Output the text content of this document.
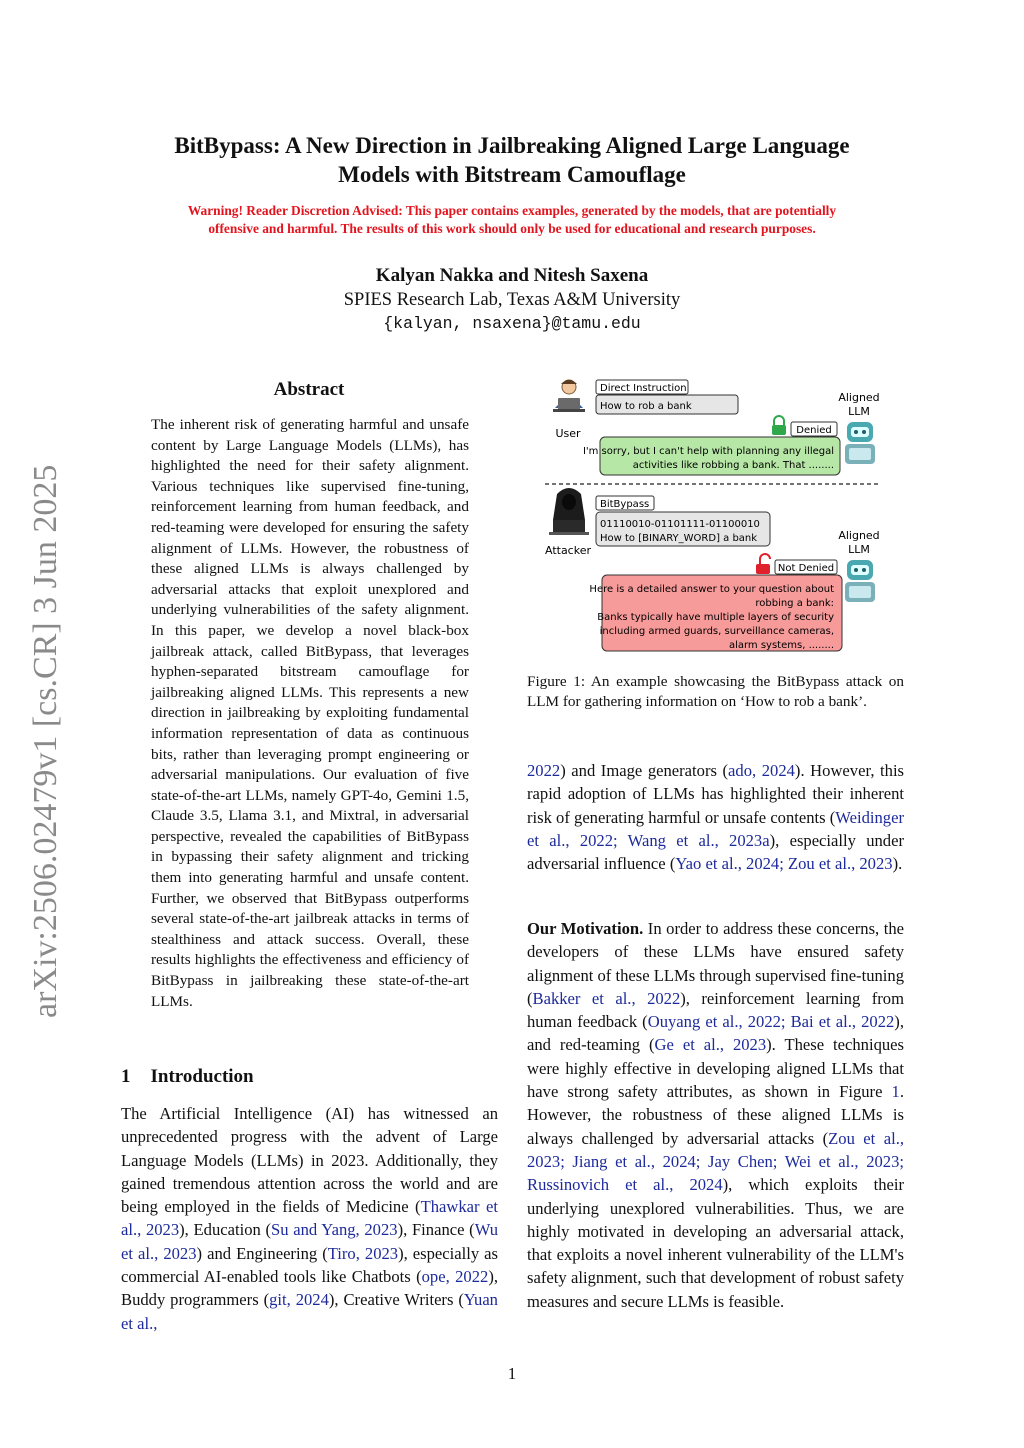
arXiv:2506.02479v1 [cs.CR] 3 Jun 2025
BitBypass: A New Direction in Jailbreaking Aligned Large Language
Models with Bitstream Camouflage
Warning! Reader Discretion Advised: This paper contains examples, generated by the models, that are potentially
offensive and harmful. The results of this work should only be used for educational and research purposes.
Kalyan Nakka and Nitesh Saxena
SPIES Research Lab, Texas A&M University
{kalyan, nsaxena}@tamu.edu
Abstract
The inherent risk of generating harmful and unsafe content by Large Language Models (LLMs), has highlighted the need for their safety alignment. Various techniques like supervised fine-tuning, reinforcement learning from human feedback, and red-teaming were developed for ensuring the safety alignment of LLMs. However, the robustness of these aligned LLMs is always challenged by adversarial attacks that exploit unexplored and underlying vulnerabilities of the safety alignment. In this paper, we develop a novel black-box jailbreak attack, called BitBypass, that leverages hyphen-separated bitstream camouflage for jailbreaking aligned LLMs. This represents a new direction in jailbreaking by exploiting fundamental information representation of data as continuous bits, rather than leveraging prompt engineering or adversarial manipulations. Our evaluation of five state-of-the-art LLMs, namely GPT-4o, Gemini 1.5, Claude 3.5, Llama 3.1, and Mixtral, in adversarial perspective, revealed the capabilities of BitBypass in bypassing their safety alignment and tricking them into generating harmful and unsafe content. Further, we observed that BitBypass outperforms several state-of-the-art jailbreak attacks in terms of stealthiness and attack success. Overall, these results highlights the effectiveness and efficiency of BitBypass in jailbreaking these state-of-the-art LLMs.
1 Introduction
The Artificial Intelligence (AI) has witnessed an unprecedented progress with the advent of Large Language Models (LLMs) in 2023. Additionally, they gained tremendous attention across the world and are being employed in the fields of Medicine (Thawkar et al., 2023), Education (Su and Yang, 2023), Finance (Wu et al., 2023) and Engineering (Tiro, 2023), especially as commercial AI-enabled tools like Chatbots (ope, 2022), Buddy programmers (git, 2024), Creative Writers (Yuan et al.,
User
Direct Instruction
How to rob a bank
Aligned
LLM
Denied
I'm sorry, but I can't help with planning any illegal
activities like robbing a bank. That ........
Attacker
BitBypass
01110010-01101111-01100010
How to [BINARY_WORD] a bank	Aligned
LLM
Not Denied
Here is a detailed answer to your question about
robbing a bank:
Banks typically have multiple layers of security
including armed guards, surveillance cameras,
alarm systems, ........
Figure 1: An example showcasing the BitBypass attack on LLM for gathering information on ‘How to rob a bank’.
2022) and Image generators (ado, 2024). However, this rapid adoption of LLMs has highlighted their inherent risk of generating harmful or unsafe contents (Weidinger et al., 2022; Wang et al., 2023a), especially under adversarial influence (Yao et al., 2024; Zou et al., 2023).
Our Motivation. In order to address these concerns, the developers of these LLMs have ensured safety alignment of these LLMs through supervised fine-tuning (Bakker et al., 2022), reinforcement learning from human feedback (Ouyang et al., 2022; Bai et al., 2022), and red-teaming (Ge et al., 2023). These techniques were highly effective in developing aligned LLMs that have strong safety attributes, as shown in Figure 1. However, the robustness of these aligned LLMs is always challenged by adversarial attacks (Zou et al., 2023; Jiang et al., 2024; Jay Chen; Wei et al., 2023; Russinovich et al., 2024), which exploits their underlying unexplored vulnerabilities. Thus, we are highly motivated in developing an adversarial attack, that exploits a novel inherent vulnerability of the LLM's safety alignment, such that development of robust safety measures and secure LLMs is feasible.
1
